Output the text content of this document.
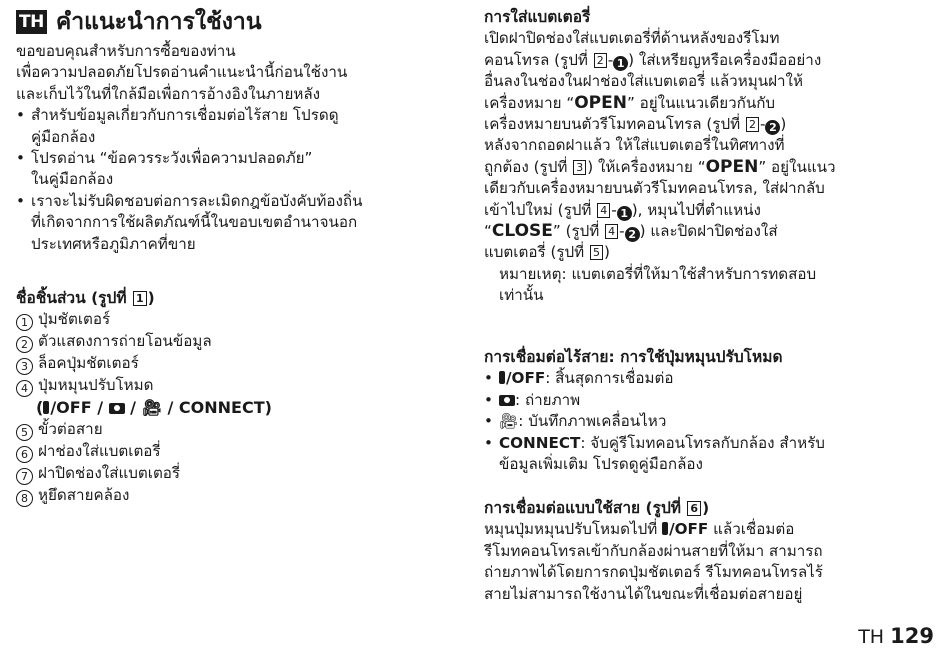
TH คำแนะนำการใช้งาน

ขอขอบคุณสำหรับการซื้อของท่าน

เพื่อความปลอดภัยโปรดอ่านคำแนะนำนี้ก่อนใช้งาน

และเก็บไว้ในที่ใกล้มือเพื่อการอ้างอิงในภายหลัง

• สำหรับข้อมูลเกี่ยวกับการเชื่อมต่อไร้สาย โปรดดู

คู่มือกล้อง

• โปรดอ่าน “ข้อควรระวังเพื่อความปลอดภัย”

ในคู่มือกล้อง

• เราจะไม่รับผิดชอบต่อการละเมิดกฎข้อบังคับท้องถิ่น

ที่เกิดจากการใช้ผลิตภัณฑ์นี้ในขอบเขตอำนาจนอก

ประเทศหรือภูมิภาคที่ขาย

ชื่อชิ้นส่วน (รูปที่ 1 )

1 ปุ่มชัตเตอร์

2 ตัวแสดงการถ่ายโอนข้อมูล

3 ล็อคปุ่มชัตเตอร์

4 ปุ่มหมุนปรับโหมด

( /OFF /  / 🎥︎ / CONNECT)

5 ขั้วต่อสาย

6 ฝาช่องใส่แบตเตอรี่

7 ฝาปิดช่องใส่แบตเตอรี่

8 หูยึดสายคล้อง

การใส่แบตเตอรี่

เปิดฝาปิดช่องใส่แบตเตอรี่ที่ด้านหลังของรีโมท

คอนโทรล (รูปที่ 2 - 1 ) ใส่เหรียญหรือเครื่องมืออย่าง

อื่นลงในช่องในฝาช่องใส่แบตเตอรี่ แล้วหมุนฝาให้

เครื่องหมาย “OPEN” อยู่ในแนวเดียวกันกับ

เครื่องหมายบนตัวรีโมทคอนโทรล (รูปที่ 2 - 2 )

หลังจากถอดฝาแล้ว ให้ใส่แบตเตอรี่ในทิศทางที่

ถูกต้อง (รูปที่ 3 ) ให้เครื่องหมาย “OPEN” อยู่ในแนว

เดียวกับเครื่องหมายบนตัวรีโมทคอนโทรล, ใส่ฝากลับ

เข้าไปใหม่ (รูปที่ 4 - 1 ), หมุนไปที่ตำแหน่ง

“CLOSE” (รูปที่ 4 - 2 ) และปิดฝาปิดช่องใส่

แบตเตอรี่ (รูปที่ 5 )

หมายเหตุ: แบตเตอรี่ที่ให้มาใช้สำหรับการทดสอบ

เท่านั้น

การเชื่อมต่อไร้สาย: การใช้ปุ่มหมุนปรับโหมด

• /OFF: สิ้นสุดการเชื่อมต่อ

•	: ถ่ายภาพ

• 🎥︎: บันทึกภาพเคลื่อนไหว

• CONNECT: จับคู่รีโมทคอนโทรลกับกล้อง สำหรับ

ข้อมูลเพิ่มเติม โปรดดูคู่มือกล้อง

การเชื่อมต่อแบบใช้สาย (รูปที่ 6 )

หมุนปุ่มหมุนปรับโหมดไปที่ /OFF แล้วเชื่อมต่อ

รีโมทคอนโทรลเข้ากับกล้องผ่านสายที่ให้มา สามารถ

ถ่ายภาพได้โดยการกดปุ่มชัตเตอร์ รีโมทคอนโทรลไร้

สายไม่สามารถใช้งานได้ในขณะที่เชื่อมต่อสายอยู่

TH 129
